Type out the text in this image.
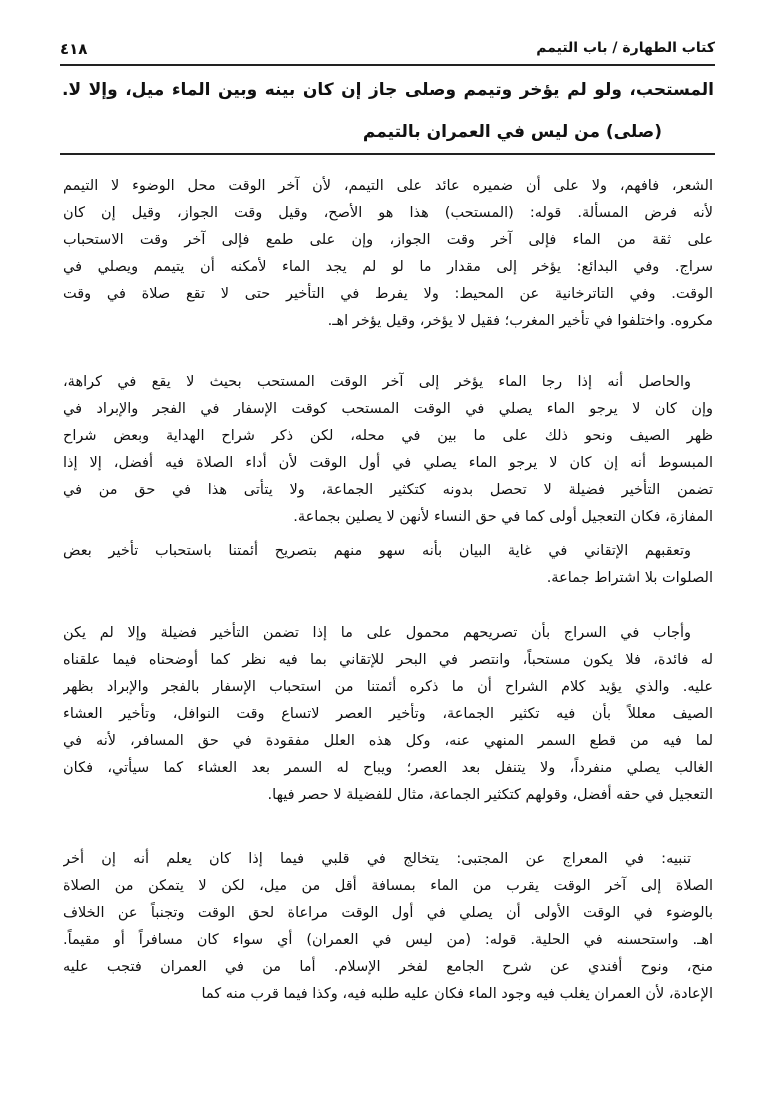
كتاب الطهارة / باب التيمم
٤١٨
المستحب، ولو لم يؤخر وتيمم وصلى جاز إن كان بينه وبين الماء ميل، وإلا لا.
(صلى) من ليس في العمران بالتيمم
الشعر، فافهم، ولا على أن ضميره عائد على التيمم، لأن آخر الوقت محل الوضوء لا التيمم
لأنه فرض المسألة. قوله: (المستحب) هذا هو الأصح، وقيل وقت الجواز، وقيل إن كان
على ثقة من الماء فإلى آخر وقت الجواز، وإن على طمع فإلى آخر وقت الاستحباب
سراج. وفي البدائع: يؤخر إلى مقدار ما لو لم يجد الماء لأمكنه أن يتيمم ويصلي في
الوقت. وفي التاترخانية عن المحيط: ولا يفرط في التأخير حتى لا تقع صلاة في وقت
مكروه. واختلفوا في تأخير المغرب؛ فقيل لا يؤخر، وقيل يؤخر اهـ.
والحاصل أنه إذا رجا الماء يؤخر إلى آخر الوقت المستحب بحيث لا يقع في كراهة،
وإن كان لا يرجو الماء يصلي في الوقت المستحب كوقت الإسفار في الفجر والإبراد في
ظهر الصيف ونحو ذلك على ما بين في محله، لكن ذكر شراح الهداية وبعض شراح
المبسوط أنه إن كان لا يرجو الماء يصلي في أول الوقت لأن أداء الصلاة فيه أفضل، إلا إذا
تضمن التأخير فضيلة لا تحصل بدونه كتكثير الجماعة، ولا يتأتى هذا في حق من في
المفازة، فكان التعجيل أولى كما في حق النساء لأنهن لا يصلين بجماعة.
وتعقبهم الإتقاني في غاية البيان بأنه سهو منهم بتصريح أئمتنا باستحباب تأخير بعض
الصلوات بلا اشتراط جماعة.
وأجاب في السراج بأن تصريحهم محمول على ما إذا تضمن التأخير فضيلة وإلا لم يكن
له فائدة، فلا يكون مستحباً، وانتصر في البحر للإتقاني بما فيه نظر كما أوضحناه فيما علقناه
عليه. والذي يؤيد كلام الشراح أن ما ذكره أئمتنا من استحباب الإسفار بالفجر والإبراد بظهر
الصيف معللاً بأن فيه تكثير الجماعة، وتأخير العصر لاتساع وقت النوافل، وتأخير العشاء
لما فيه من قطع السمر المنهي عنه، وكل هذه العلل مفقودة في حق المسافر، لأنه في
الغالب يصلي منفرداً، ولا يتنفل بعد العصر؛ ويباح له السمر بعد العشاء كما سيأتي، فكان
التعجيل في حقه أفضل، وقولهم كتكثير الجماعة، مثال للفضيلة لا حصر فيها.
تنبيه: في المعراج عن المجتبى: يتخالج في قلبي فيما إذا كان يعلم أنه إن أخر
الصلاة إلى آخر الوقت يقرب من الماء بمسافة أقل من ميل، لكن لا يتمكن من الصلاة
بالوضوء في الوقت الأولى أن يصلي في أول الوقت مراعاة لحق الوقت وتجنباً عن الخلاف
اهـ. واستحسنه في الحلية. قوله: (من ليس في العمران) أي سواء كان مسافراً أو مقيماً.
منح، ونوح أفندي عن شرح الجامع لفخر الإسلام. أما من في العمران فتجب عليه
الإعادة، لأن العمران يغلب فيه وجود الماء فكان عليه طلبه فيه، وكذا فيما قرب منه كما
